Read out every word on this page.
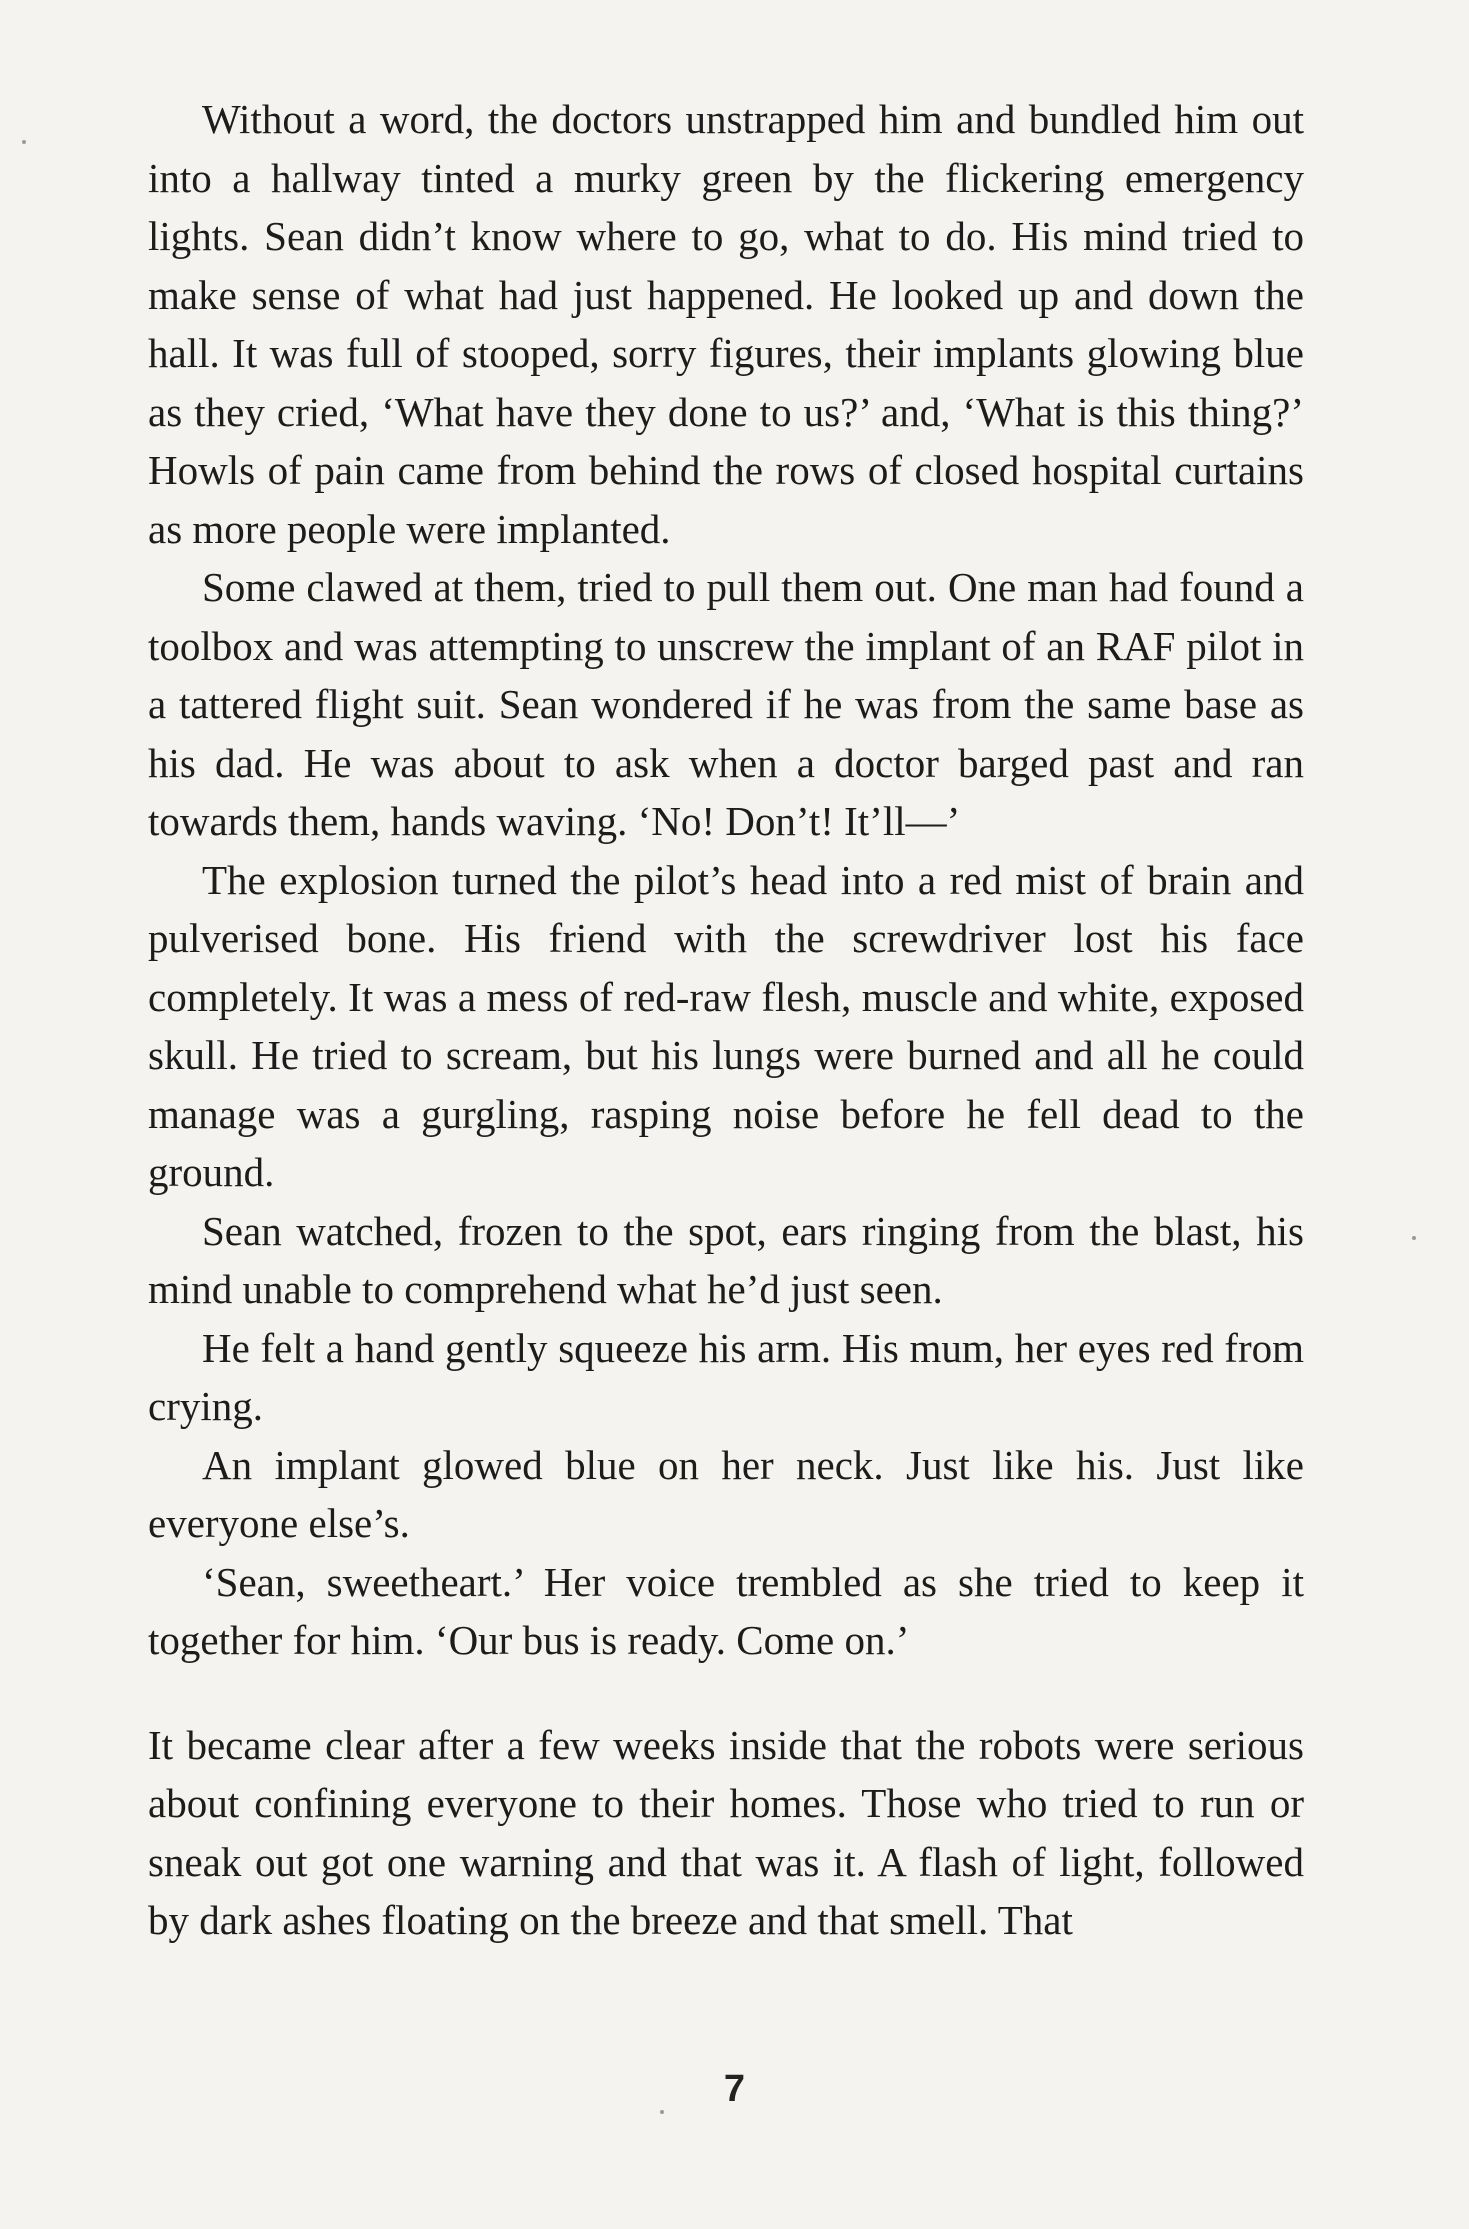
Without a word, the doctors unstrapped him and bundled him out into a hallway tinted a murky green by the flickering emergency lights. Sean didn’t know where to go, what to do. His mind tried to make sense of what had just happened. He looked up and down the hall. It was full of stooped, sorry figures, their implants glowing blue as they cried, ‘What have they done to us?’ and, ‘What is this thing?’ Howls of pain came from behind the rows of closed hospital curtains as more people were implanted.

Some clawed at them, tried to pull them out. One man had found a toolbox and was attempting to unscrew the implant of an RAF pilot in a tattered flight suit. Sean wondered if he was from the same base as his dad. He was about to ask when a doctor barged past and ran towards them, hands waving. ‘No! Don’t! It’ll—’

The explosion turned the pilot’s head into a red mist of brain and pulverised bone. His friend with the screwdriver lost his face completely. It was a mess of red-raw flesh, muscle and white, exposed skull. He tried to scream, but his lungs were burned and all he could manage was a gurgling, rasping noise before he fell dead to the ground.

Sean watched, frozen to the spot, ears ringing from the blast, his mind unable to comprehend what he’d just seen.

He felt a hand gently squeeze his arm. His mum, her eyes red from crying.

An implant glowed blue on her neck. Just like his. Just like everyone else’s.

‘Sean, sweetheart.’ Her voice trembled as she tried to keep it together for him. ‘Our bus is ready. Come on.’

It became clear after a few weeks inside that the robots were serious about confining everyone to their homes. Those who tried to run or sneak out got one warning and that was it. A flash of light, followed by dark ashes floating on the breeze and that smell. That

7
